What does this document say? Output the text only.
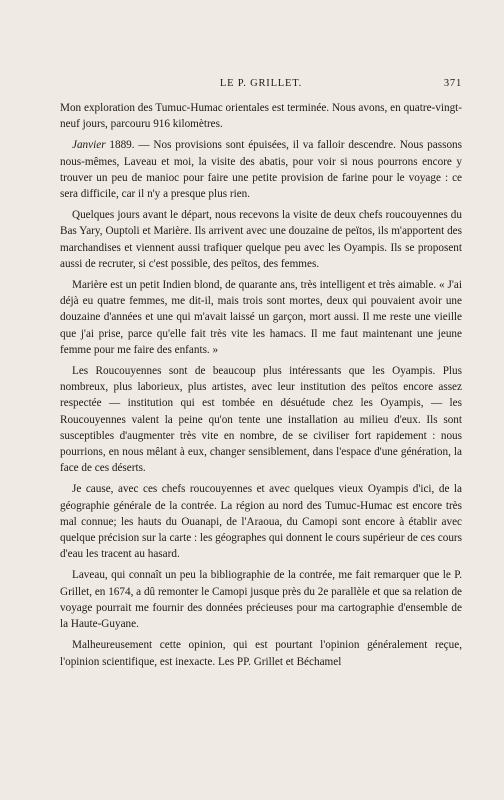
LE P. GRILLET.	371

Mon exploration des Tumuc-Humac orientales est terminée. Nous avons, en quatre-vingt-neuf jours, parcouru 916 kilomètres.

Janvier 1889. — Nos provisions sont épuisées, il va falloir descendre. Nous passons nous-mêmes, Laveau et moi, la visite des abatis, pour voir si nous pourrons encore y trouver un peu de manioc pour faire une petite provision de farine pour le voyage : ce sera difficile, car il n'y a presque plus rien.

Quelques jours avant le départ, nous recevons la visite de deux chefs roucouyennes du Bas Yary, Ouptoli et Marière. Ils arrivent avec une douzaine de peïtos, ils m'apportent des marchandises et viennent aussi trafiquer quelque peu avec les Oyampis. Ils se proposent aussi de recruter, si c'est possible, des peïtos, des femmes.

Marière est un petit Indien blond, de quarante ans, très intelligent et très aimable. « J'ai déjà eu quatre femmes, me dit-il, mais trois sont mortes, deux qui pouvaient avoir une douzaine d'années et une qui m'avait laissé un garçon, mort aussi. Il me reste une vieille que j'ai prise, parce qu'elle fait très vite les hamacs. Il me faut maintenant une jeune femme pour me faire des enfants. »

Les Roucouyennes sont de beaucoup plus intéressants que les Oyampis. Plus nombreux, plus laborieux, plus artistes, avec leur institution des peïtos encore assez respectée — institution qui est tombée en désuétude chez les Oyampis, — les Roucouyennes valent la peine qu'on tente une installation au milieu d'eux. Ils sont susceptibles d'augmenter très vite en nombre, de se civiliser fort rapidement : nous pourrions, en nous mêlant à eux, changer sensiblement, dans l'espace d'une génération, la face de ces déserts.

Je cause, avec ces chefs roucouyennes et avec quelques vieux Oyampis d'ici, de la géographie générale de la contrée. La région au nord des Tumuc-Humac est encore très mal connue; les hauts du Ouanapi, de l'Araoua, du Camopi sont encore à établir avec quelque précision sur la carte : les géographes qui donnent le cours supérieur de ces cours d'eau les tracent au hasard.

Laveau, qui connaît un peu la bibliographie de la contrée, me fait remarquer que le P. Grillet, en 1674, a dû remonter le Camopi jusque près du 2e parallèle et que sa relation de voyage pourrait me fournir des données précieuses pour ma cartographie d'ensemble de la Haute-Guyane.

Malheureusement cette opinion, qui est pourtant l'opinion généralement reçue, l'opinion scientifique, est inexacte. Les PP. Grillet et Béchamel
